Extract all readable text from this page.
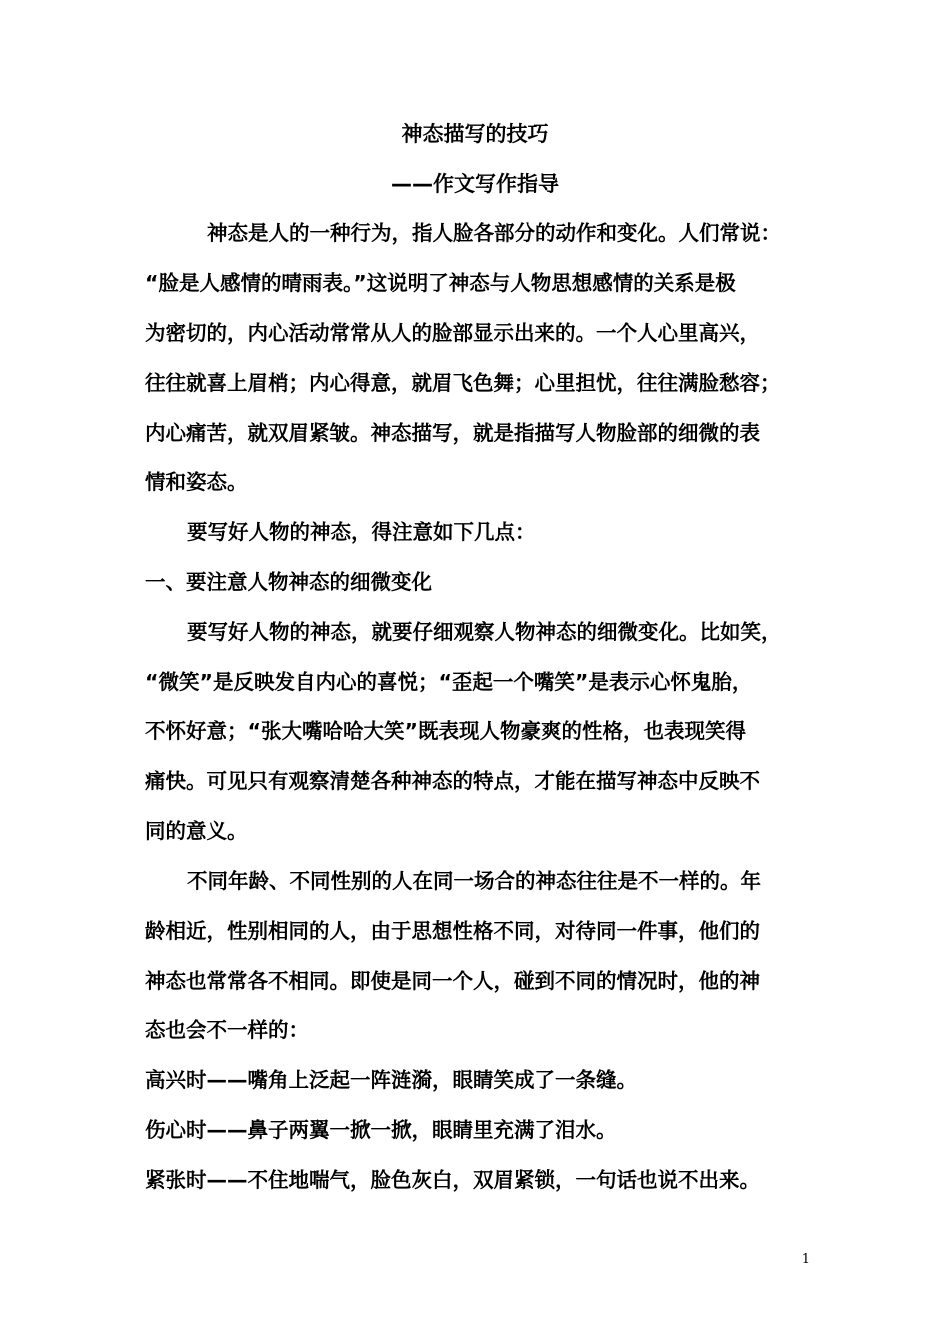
神态描写的技巧
——作文写作指导
神态是人的一种行为，指人脸各部分的动作和变化。人们常说：
“脸是人感情的晴雨表。”这说明了神态与人物思想感情的关系是极
为密切的，内心活动常常从人的脸部显示出来的。一个人心里高兴，
往往就喜上眉梢；内心得意，就眉飞色舞；心里担忧，往往满脸愁容；
内心痛苦，就双眉紧皱。神态描写，就是指描写人物脸部的细微的表
情和姿态。
要写好人物的神态，得注意如下几点：
一、要注意人物神态的细微变化
要写好人物的神态，就要仔细观察人物神态的细微变化。比如笑，
“微笑”是反映发自内心的喜悦；“歪起一个嘴笑”是表示心怀鬼胎，
不怀好意；“张大嘴哈哈大笑”既表现人物豪爽的性格，也表现笑得
痛快。可见只有观察清楚各种神态的特点，才能在描写神态中反映不
同的意义。
不同年龄、不同性别的人在同一场合的神态往往是不一样的。年
龄相近，性别相同的人，由于思想性格不同，对待同一件事，他们的
神态也常常各不相同。即使是同一个人，碰到不同的情况时，他的神
态也会不一样的：
高兴时——嘴角上泛起一阵涟漪，眼睛笑成了一条缝。
伤心时——鼻子两翼一掀一掀，眼睛里充满了泪水。
紧张时——不住地喘气，脸色灰白，双眉紧锁，一句话也说不出来。
1
